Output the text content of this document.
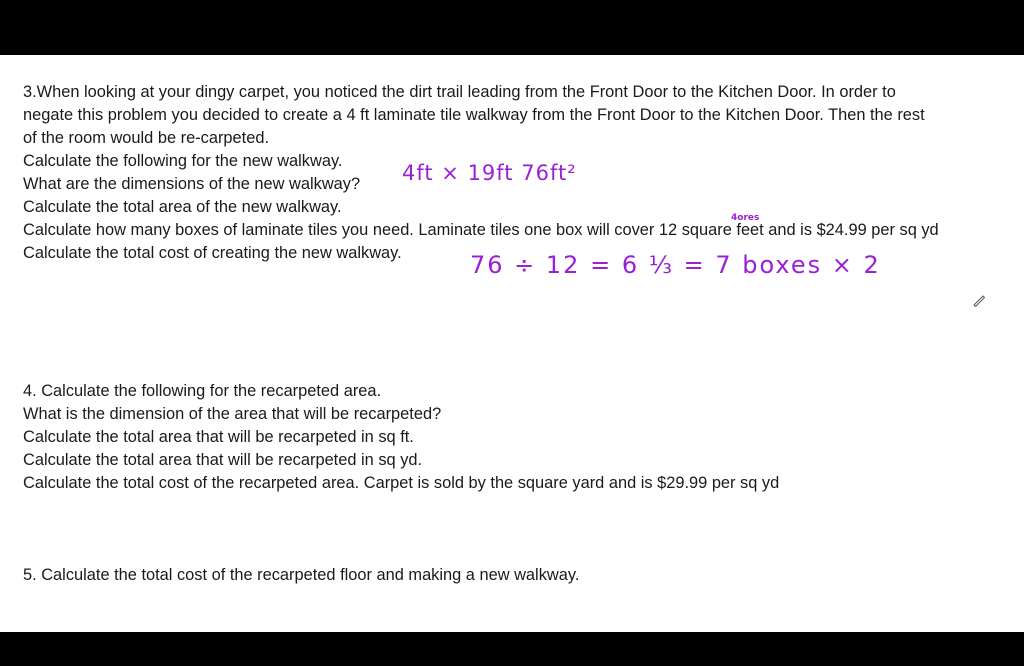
3.When looking at your dingy carpet, you noticed the dirt trail leading from the Front Door to the Kitchen Door. In order to

negate this problem you decided to create a 4 ft laminate tile walkway from the Front Door to the Kitchen Door. Then the rest

of the room would be re-carpeted.

Calculate the following for the new walkway.

What are the dimensions of the new walkway?

Calculate the total area of the new walkway.

Calculate how many boxes of laminate tiles you need. Laminate tiles one box will cover 12 square feet and is $24.99 per sq yd

Calculate the total cost of creating the new walkway.

4. Calculate the following for the recarpeted area.

What is the dimension of the area that will be recarpeted?

Calculate the total area that will be recarpeted in sq ft.

Calculate the total area that will be recarpeted in sq yd.

Calculate the total cost of the recarpeted area. Carpet is sold by the square yard and is $29.99 per sq yd

5. Calculate the total cost of the recarpeted floor and making a new walkway.

4ft × 19ft 76ft²

4ores

76 ÷ 12 = 6 ⅓ = 7 boxes × 2
